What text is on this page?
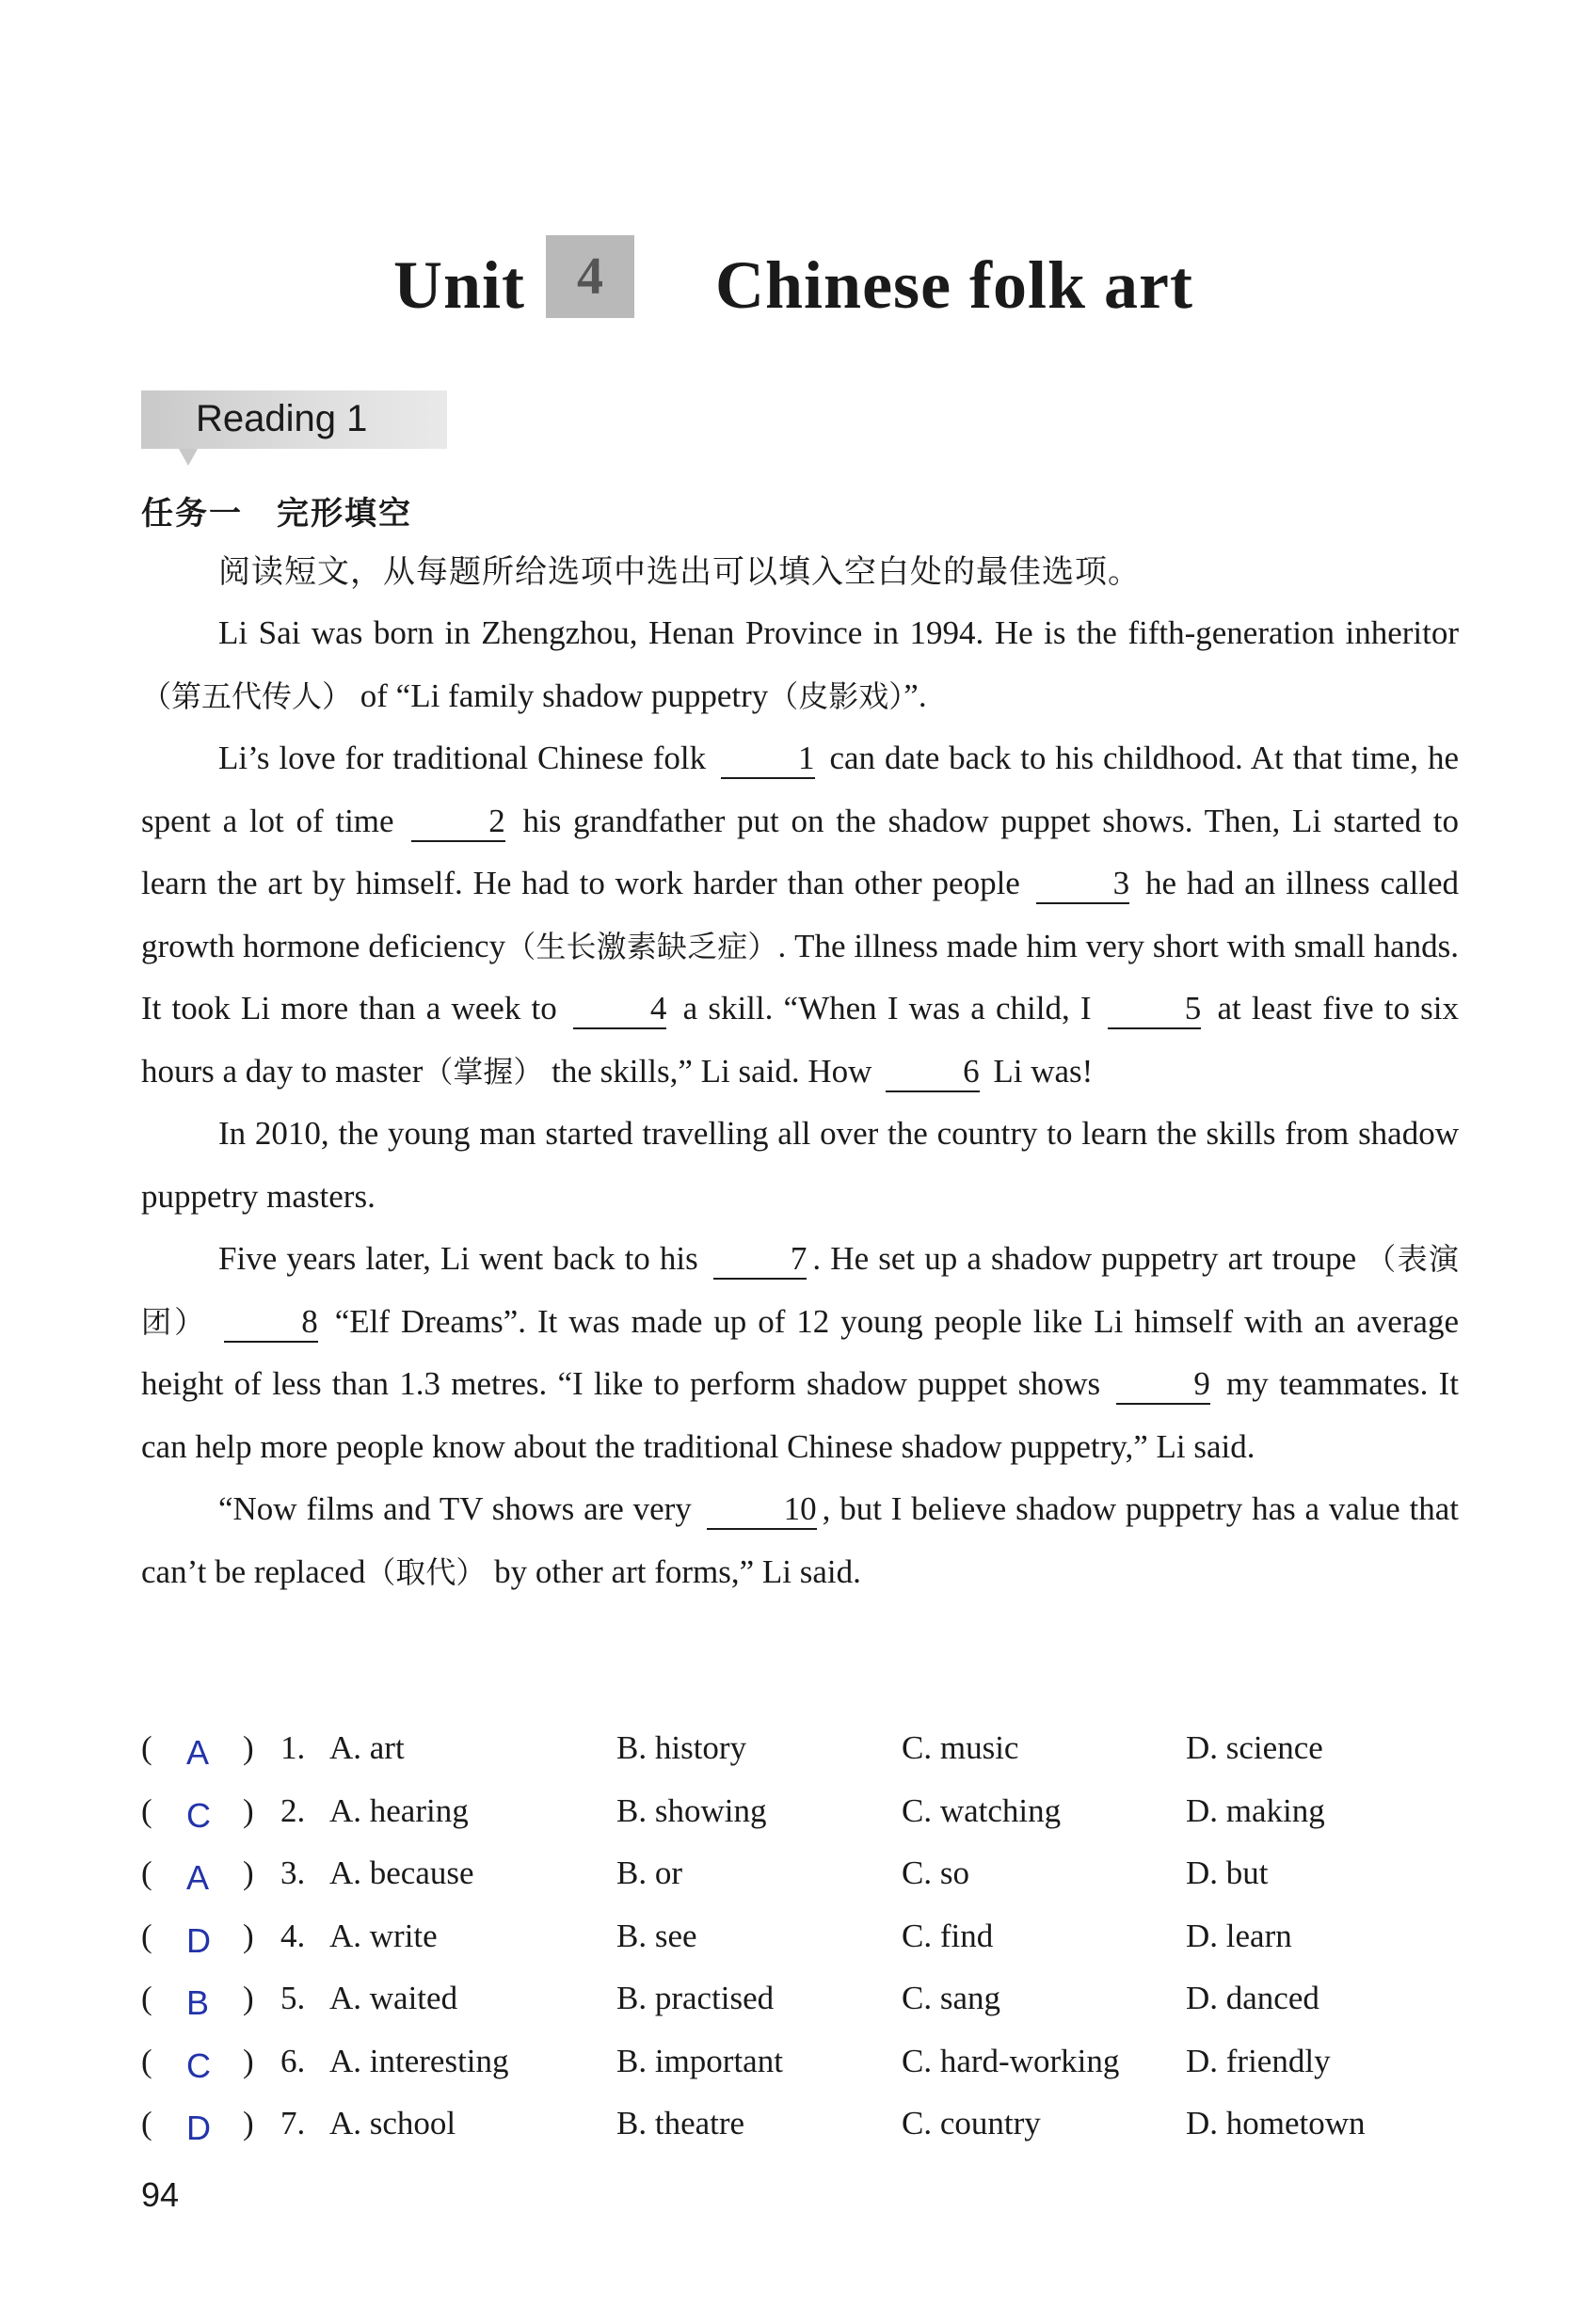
Unit 4 Chinese folk art
Reading 1
任务一　完形填空
阅读短文，从每题所给选项中选出可以填入空白处的最佳选项。

Li Sai was born in Zhengzhou, Henan Province in 1994. He is the fifth-generation inheritor（第五代传人） of “Li family shadow puppetry（皮影戏）”.

Li’s love for traditional Chinese folk	1 can date back to his childhood. At that time, he spent a lot of time	2 his grandfather put on the shadow puppet shows. Then, Li started to learn the art by himself. He had to work harder than other people	3 he had an illness called growth hormone deficiency（生长激素缺乏症）. The illness made him very short with small hands. It took Li more than a week to	4 a skill. “When I was a child, I	5 at least five to six hours a day to master（掌握） the skills,” Li said. How	6 Li was!

In 2010, the young man started travelling all over the country to learn the skills from shadow puppetry masters.

Five years later, Li went back to his	7 . He set up a shadow puppetry art troupe （表演团）	8 “Elf Dreams”. It was made up of 12 young people like Li himself with an average height of less than 1.3 metres. “I like to perform shadow puppet shows	9 my teammates. It can help more people know about the traditional Chinese shadow puppetry,” Li said.

“Now films and TV shows are very	10 , but I believe shadow puppetry has a value that can’t be replaced（取代） by other art forms,” Li said.

( A ) 1. A. art	B. history	C. music	D. science
( C ) 2. A. hearing	B. showing	C. watching	D. making
( A ) 3. A. because	B. or	C. so	D. but
( D ) 4. A. write	B. see	C. find	D. learn
( B ) 5. A. waited	B. practised	C. sang	D. danced
( C ) 6. A. interesting	B. important	C. hard-working D. friendly
( D ) 7. A. school	B. theatre	C. country	D. hometown
94
